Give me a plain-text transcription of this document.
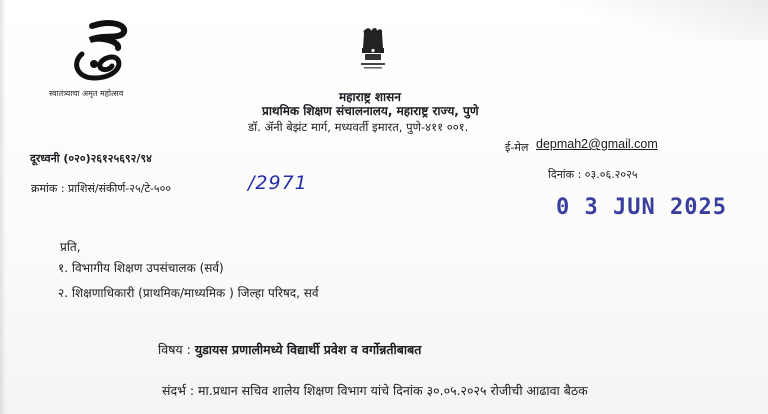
स्वातंत्र्याचा अमृत महोत्सव	महाराष्ट्र शासन
प्राथमिक शिक्षण संचालनालय, महाराष्ट्र राज्य, पुणे
डॉ. ॲनी बेझंट मार्ग, मध्यवर्ती इमारत, पुणे-४११ ००१.
दूरध्वनी (०२०)२६१२५६९२/९४
ई-मेल depmah2@gmail.com
क्रमांक : प्राशिसं/संकीर्ण-२५/टे-५००	/2971	दिनांक : ०३.०६.२०२५
0 3 JUN 2025
प्रति,
१. विभागीय शिक्षण उपसंचालक (सर्व)
२. शिक्षणाधिकारी (प्राथमिक/माध्यमिक ) जिल्हा परिषद, सर्व
विषय : युडायस प्रणालीमध्ये विद्यार्थी प्रवेश व वर्गोन्नतीबाबत
संदर्भ : मा.प्रधान सचिव शालेय शिक्षण विभाग यांचे दिनांक ३०.०५.२०२५ रोजीची आढावा बैठक
